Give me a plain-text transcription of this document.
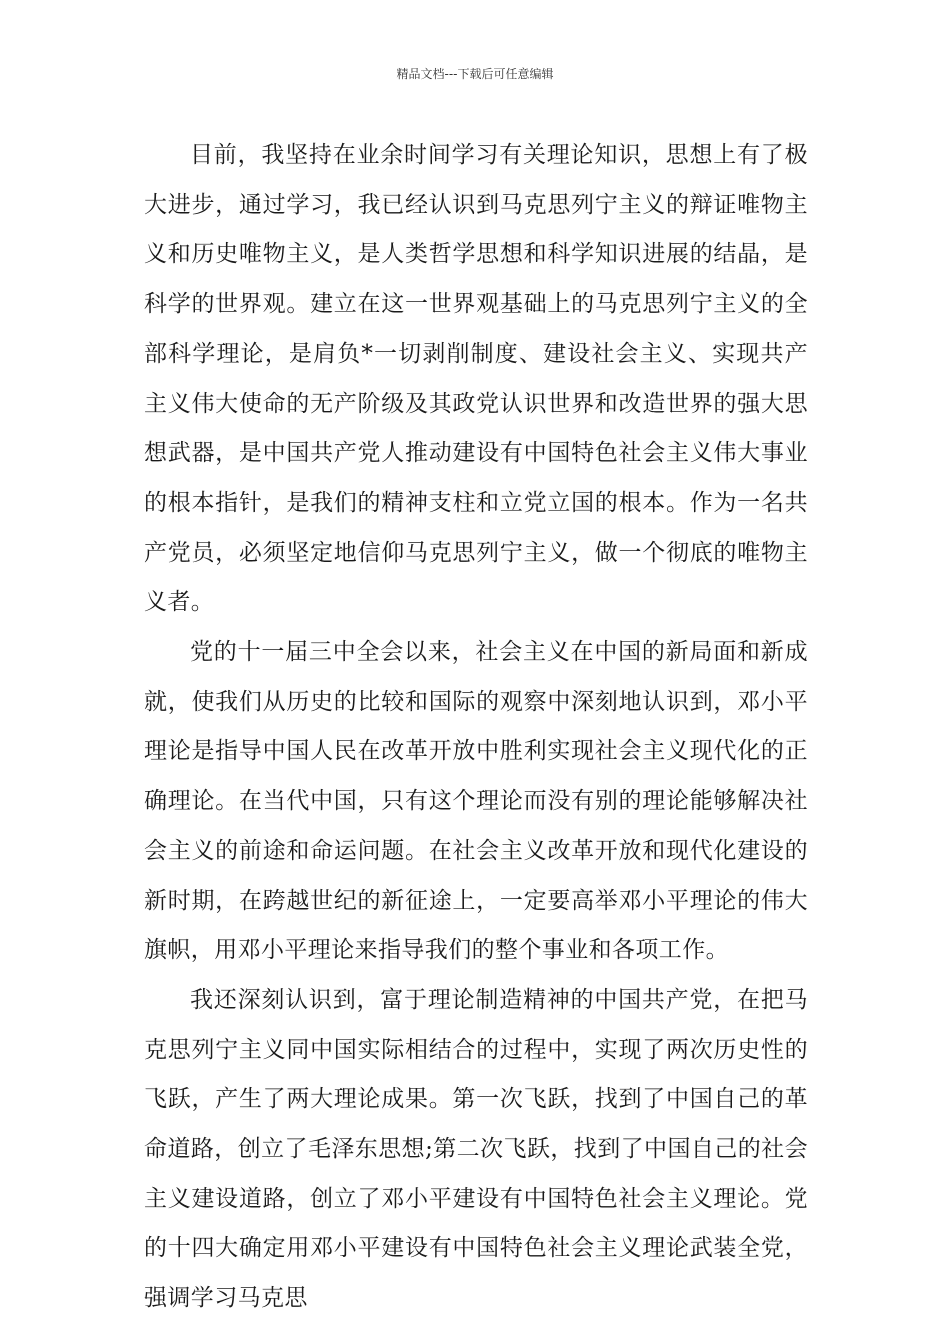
精品文档---下载后可任意编辑

目前，我坚持在业余时间学习有关理论知识，思想上有了极大进步，通过学习，我已经认识到马克思列宁主义的辩证唯物主义和历史唯物主义，是人类哲学思想和科学知识进展的结晶，是科学的世界观。建立在这一世界观基础上的马克思列宁主义的全部科学理论，是肩负*一切剥削制度、建设社会主义、实现共产主义伟大使命的无产阶级及其政党认识世界和改造世界的强大思想武器，是中国共产党人推动建设有中国特色社会主义伟大事业的根本指针，是我们的精神支柱和立党立国的根本。作为一名共产党员，必须坚定地信仰马克思列宁主义，做一个彻底的唯物主义者。

党的十一届三中全会以来，社会主义在中国的新局面和新成就，使我们从历史的比较和国际的观察中深刻地认识到，邓小平理论是指导中国人民在改革开放中胜利实现社会主义现代化的正确理论。在当代中国，只有这个理论而没有别的理论能够解决社会主义的前途和命运问题。在社会主义改革开放和现代化建设的新时期，在跨越世纪的新征途上，一定要高举邓小平理论的伟大旗帜，用邓小平理论来指导我们的整个事业和各项工作。

我还深刻认识到，富于理论制造精神的中国共产党，在把马克思列宁主义同中国实际相结合的过程中，实现了两次历史性的飞跃，产生了两大理论成果。第一次飞跃，找到了中国自己的革命道路，创立了毛泽东思想;第二次飞跃，找到了中国自己的社会主义建设道路，创立了邓小平建设有中国特色社会主义理论。党的十四大确定用邓小平建设有中国特色社会主义理论武装全党，强调学习马克思
